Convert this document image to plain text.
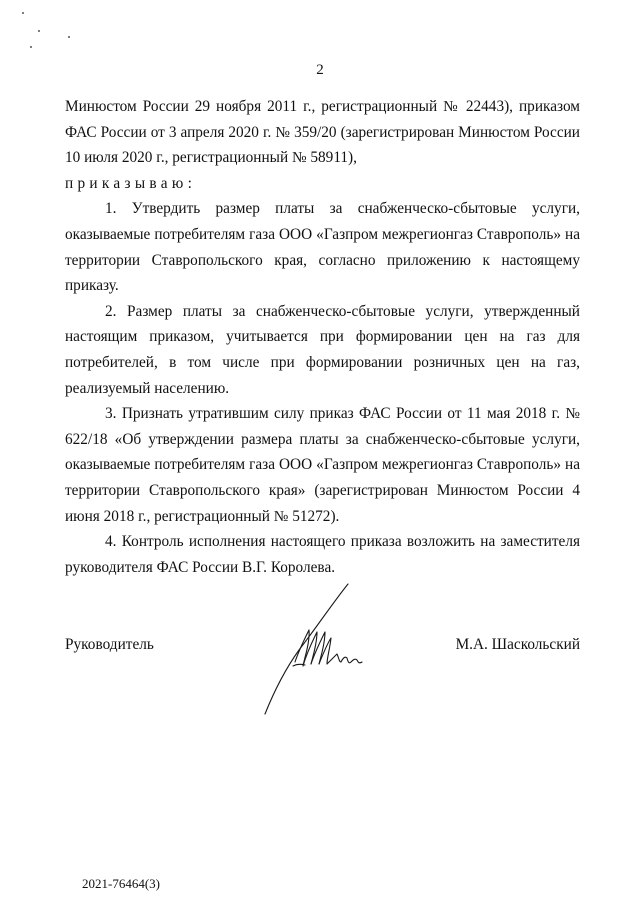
2

Минюстом России 29 ноября 2011 г., регистрационный № 22443), приказом ФАС России от 3 апреля 2020 г. № 359/20 (зарегистрирован Минюстом России 10 июля 2020 г., регистрационный № 58911),

приказываю:

1. Утвердить размер платы за снабженческо-сбытовые услуги, оказываемые потребителям газа ООО «Газпром межрегионгаз Ставрополь» на территории Ставропольского края, согласно приложению к настоящему приказу.

2. Размер платы за снабженческо-сбытовые услуги, утвержденный настоящим приказом, учитывается при формировании цен на газ для потребителей, в том числе при формировании розничных цен на газ, реализуемый населению.

3. Признать утратившим силу приказ ФАС России от 11 мая 2018 г. № 622/18 «Об утверждении размера платы за снабженческо-сбытовые услуги, оказываемые потребителям газа ООО «Газпром межрегионгаз Ставрополь» на территории Ставропольского края» (зарегистрирован Минюстом России 4 июня 2018 г., регистрационный № 51272).

4. Контроль исполнения настоящего приказа возложить на заместителя руководителя ФАС России В.Г. Королева.

Руководитель	М.А. Шаскольский
2021-76464(3)
